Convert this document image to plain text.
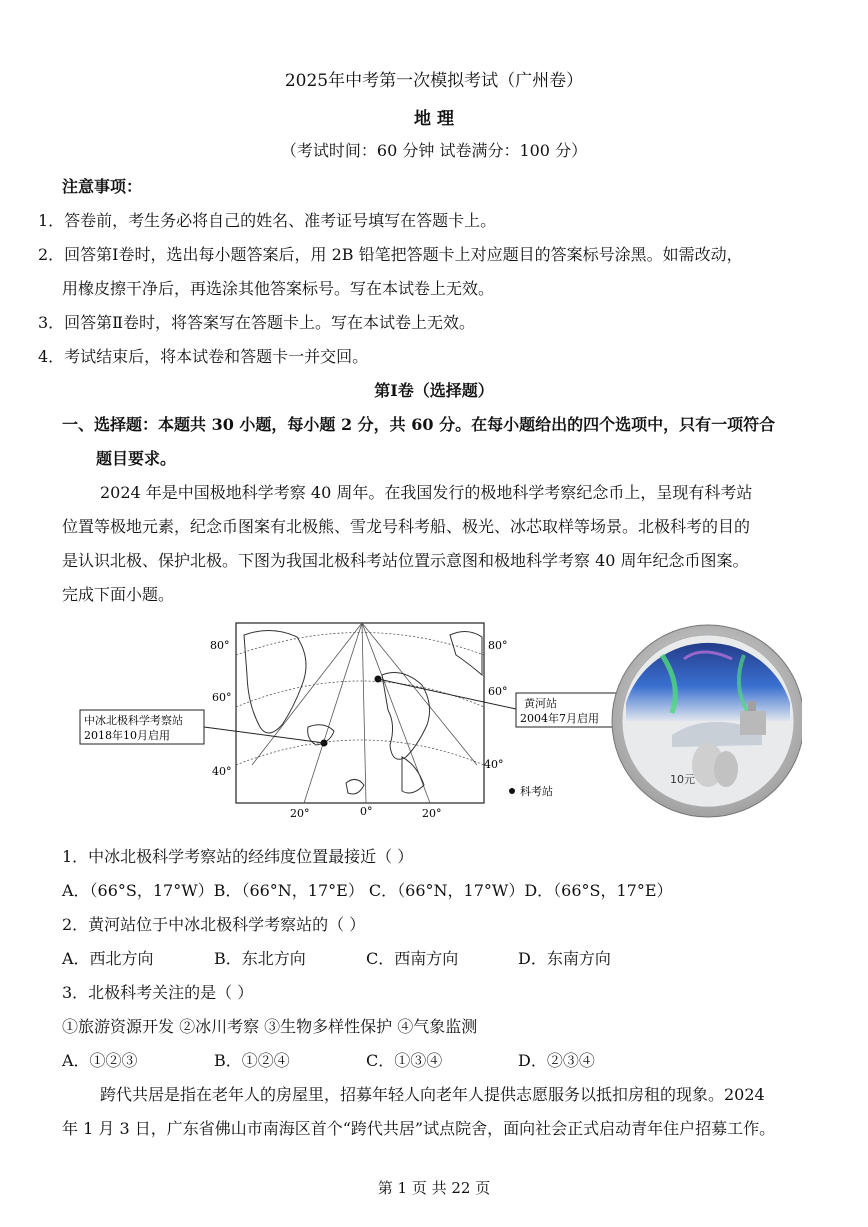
2025年中考第一次模拟考试（广州卷）
地 理
（考试时间：60 分钟 试卷满分：100 分）
注意事项：
1．答卷前，考生务必将自己的姓名、准考证号填写在答题卡上。
2．回答第Ⅰ卷时，选出每小题答案后，用 2B 铅笔把答题卡上对应题目的答案标号涂黑。如需改动，
用橡皮擦干净后，再选涂其他答案标号。写在本试卷上无效。
3．回答第Ⅱ卷时，将答案写在答题卡上。写在本试卷上无效。
4．考试结束后，将本试卷和答题卡一并交回。
第Ⅰ卷（选择题）
一、选择题：本题共 30 小题，每小题 2 分，共 60 分。在每小题给出的四个选项中，只有一项符合
题目要求。
2024 年是中国极地科学考察 40 周年。在我国发行的极地科学考察纪念币上，呈现有科考站
位置等极地元素，纪念币图案有北极熊、雪龙号科考船、极光、冰芯取样等场景。北极科考的目的
是认识北极、保护北极。下图为我国北极科考站位置示意图和极地科学考察 40 周年纪念币图案。
完成下面小题。
80°
60°
40°
80°
60°
40°
20°	0°	20°
中冰北极科学考察站
2018年10月启用
黄河站
2004年7月启用
科考站
10元
1．中冰北极科学考察站的经纬度位置最接近（ ）
A．（66°S，17°W）B．（66°N，17°E） C．（66°N，17°W）D．（66°S，17°E）
2．黄河站位于中冰北极科学考察站的（ ）
A．西北方向	B．东北方向	C．西南方向	D．东南方向
3．北极科考关注的是（ ）
①旅游资源开发 ②冰川考察 ③生物多样性保护 ④气象监测
A．①②③	B．①②④	C．①③④	D．②③④
跨代共居是指在老年人的房屋里，招募年轻人向老年人提供志愿服务以抵扣房租的现象。2024
年 1 月 3 日，广东省佛山市南海区首个“跨代共居”试点院舍，面向社会正式启动青年住户招募工作。
第 1 页 共 22 页
